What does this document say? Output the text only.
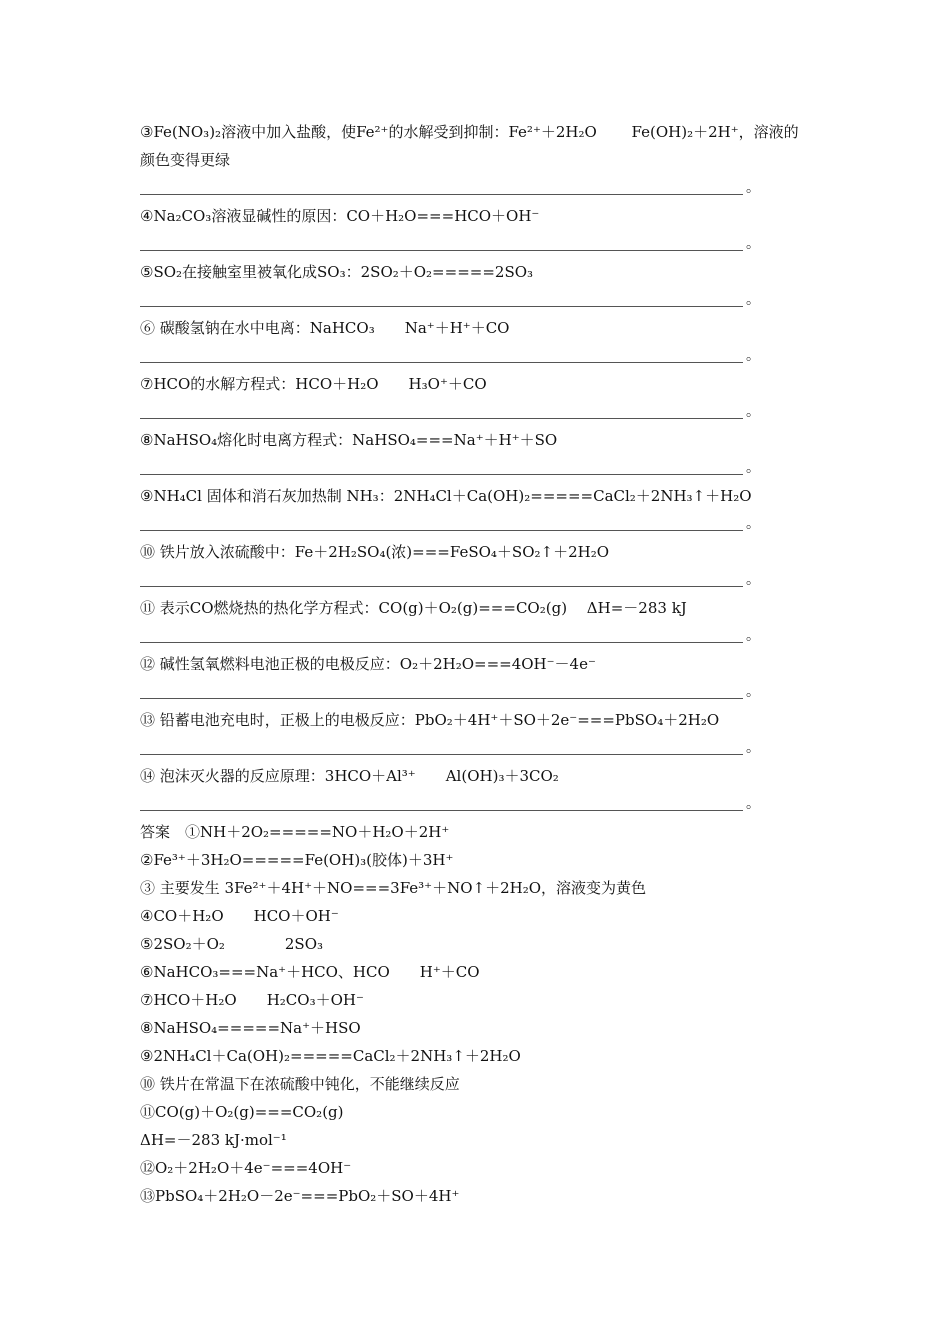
③Fe(NO₃)₂溶液中加入盐酸，使Fe²⁺的水解受到抑制：Fe²⁺＋2H₂O　　 Fe(OH)₂＋2H⁺，溶液的
颜色变得更绿
。
④Na₂CO₃溶液显碱性的原因：CO＋H₂O===HCO＋OH⁻
。
⑤SO₂在接触室里被氧化成SO₃：2SO₂＋O₂=====2SO₃
。
⑥ 碳酸氢钠在水中电离：NaHCO₃　　Na⁺＋H⁺＋CO
。
⑦HCO的水解方程式：HCO＋H₂O　　H₃O⁺＋CO
。
⑧NaHSO₄熔化时电离方程式：NaHSO₄===Na⁺＋H⁺＋SO
。
⑨NH₄Cl 固体和消石灰加热制 NH₃：2NH₄Cl＋Ca(OH)₂=====CaCl₂＋2NH₃↑＋H₂O
。
⑩ 铁片放入浓硫酸中：Fe＋2H₂SO₄(浓)===FeSO₄＋SO₂↑＋2H₂O
。
⑪ 表示CO燃烧热的热化学方程式：CO(g)＋O₂(g)===CO₂(g)　 ΔH=－283 kJ
。
⑫ 碱性氢氧燃料电池正极的电极反应：O₂＋2H₂O===4OH⁻－4e⁻
。
⑬ 铅蓄电池充电时，正极上的电极反应：PbO₂＋4H⁺＋SO＋2e⁻===PbSO₄＋2H₂O
。
⑭ 泡沫灭火器的反应原理：3HCO＋Al³⁺　　Al(OH)₃＋3CO₂
。
答案　①NH＋2O₂=====NO＋H₂O＋2H⁺
②Fe³⁺＋3H₂O=====Fe(OH)₃(胶体)＋3H⁺
③ 主要发生 3Fe²⁺＋4H⁺＋NO===3Fe³⁺＋NO↑＋2H₂O，溶液变为黄色
④CO＋H₂O　　HCO＋OH⁻
⑤2SO₂＋O₂　　　　2SO₃
⑥NaHCO₃===Na⁺＋HCO、HCO　　H⁺＋CO
⑦HCO＋H₂O　　H₂CO₃＋OH⁻
⑧NaHSO₄=====Na⁺＋HSO
⑨2NH₄Cl＋Ca(OH)₂=====CaCl₂＋2NH₃↑＋2H₂O
⑩ 铁片在常温下在浓硫酸中钝化，不能继续反应
⑪CO(g)＋O₂(g)===CO₂(g)
ΔH=－283 kJ·mol⁻¹
⑫O₂＋2H₂O＋4e⁻===4OH⁻
⑬PbSO₄＋2H₂O－2e⁻===PbO₂＋SO＋4H⁺
